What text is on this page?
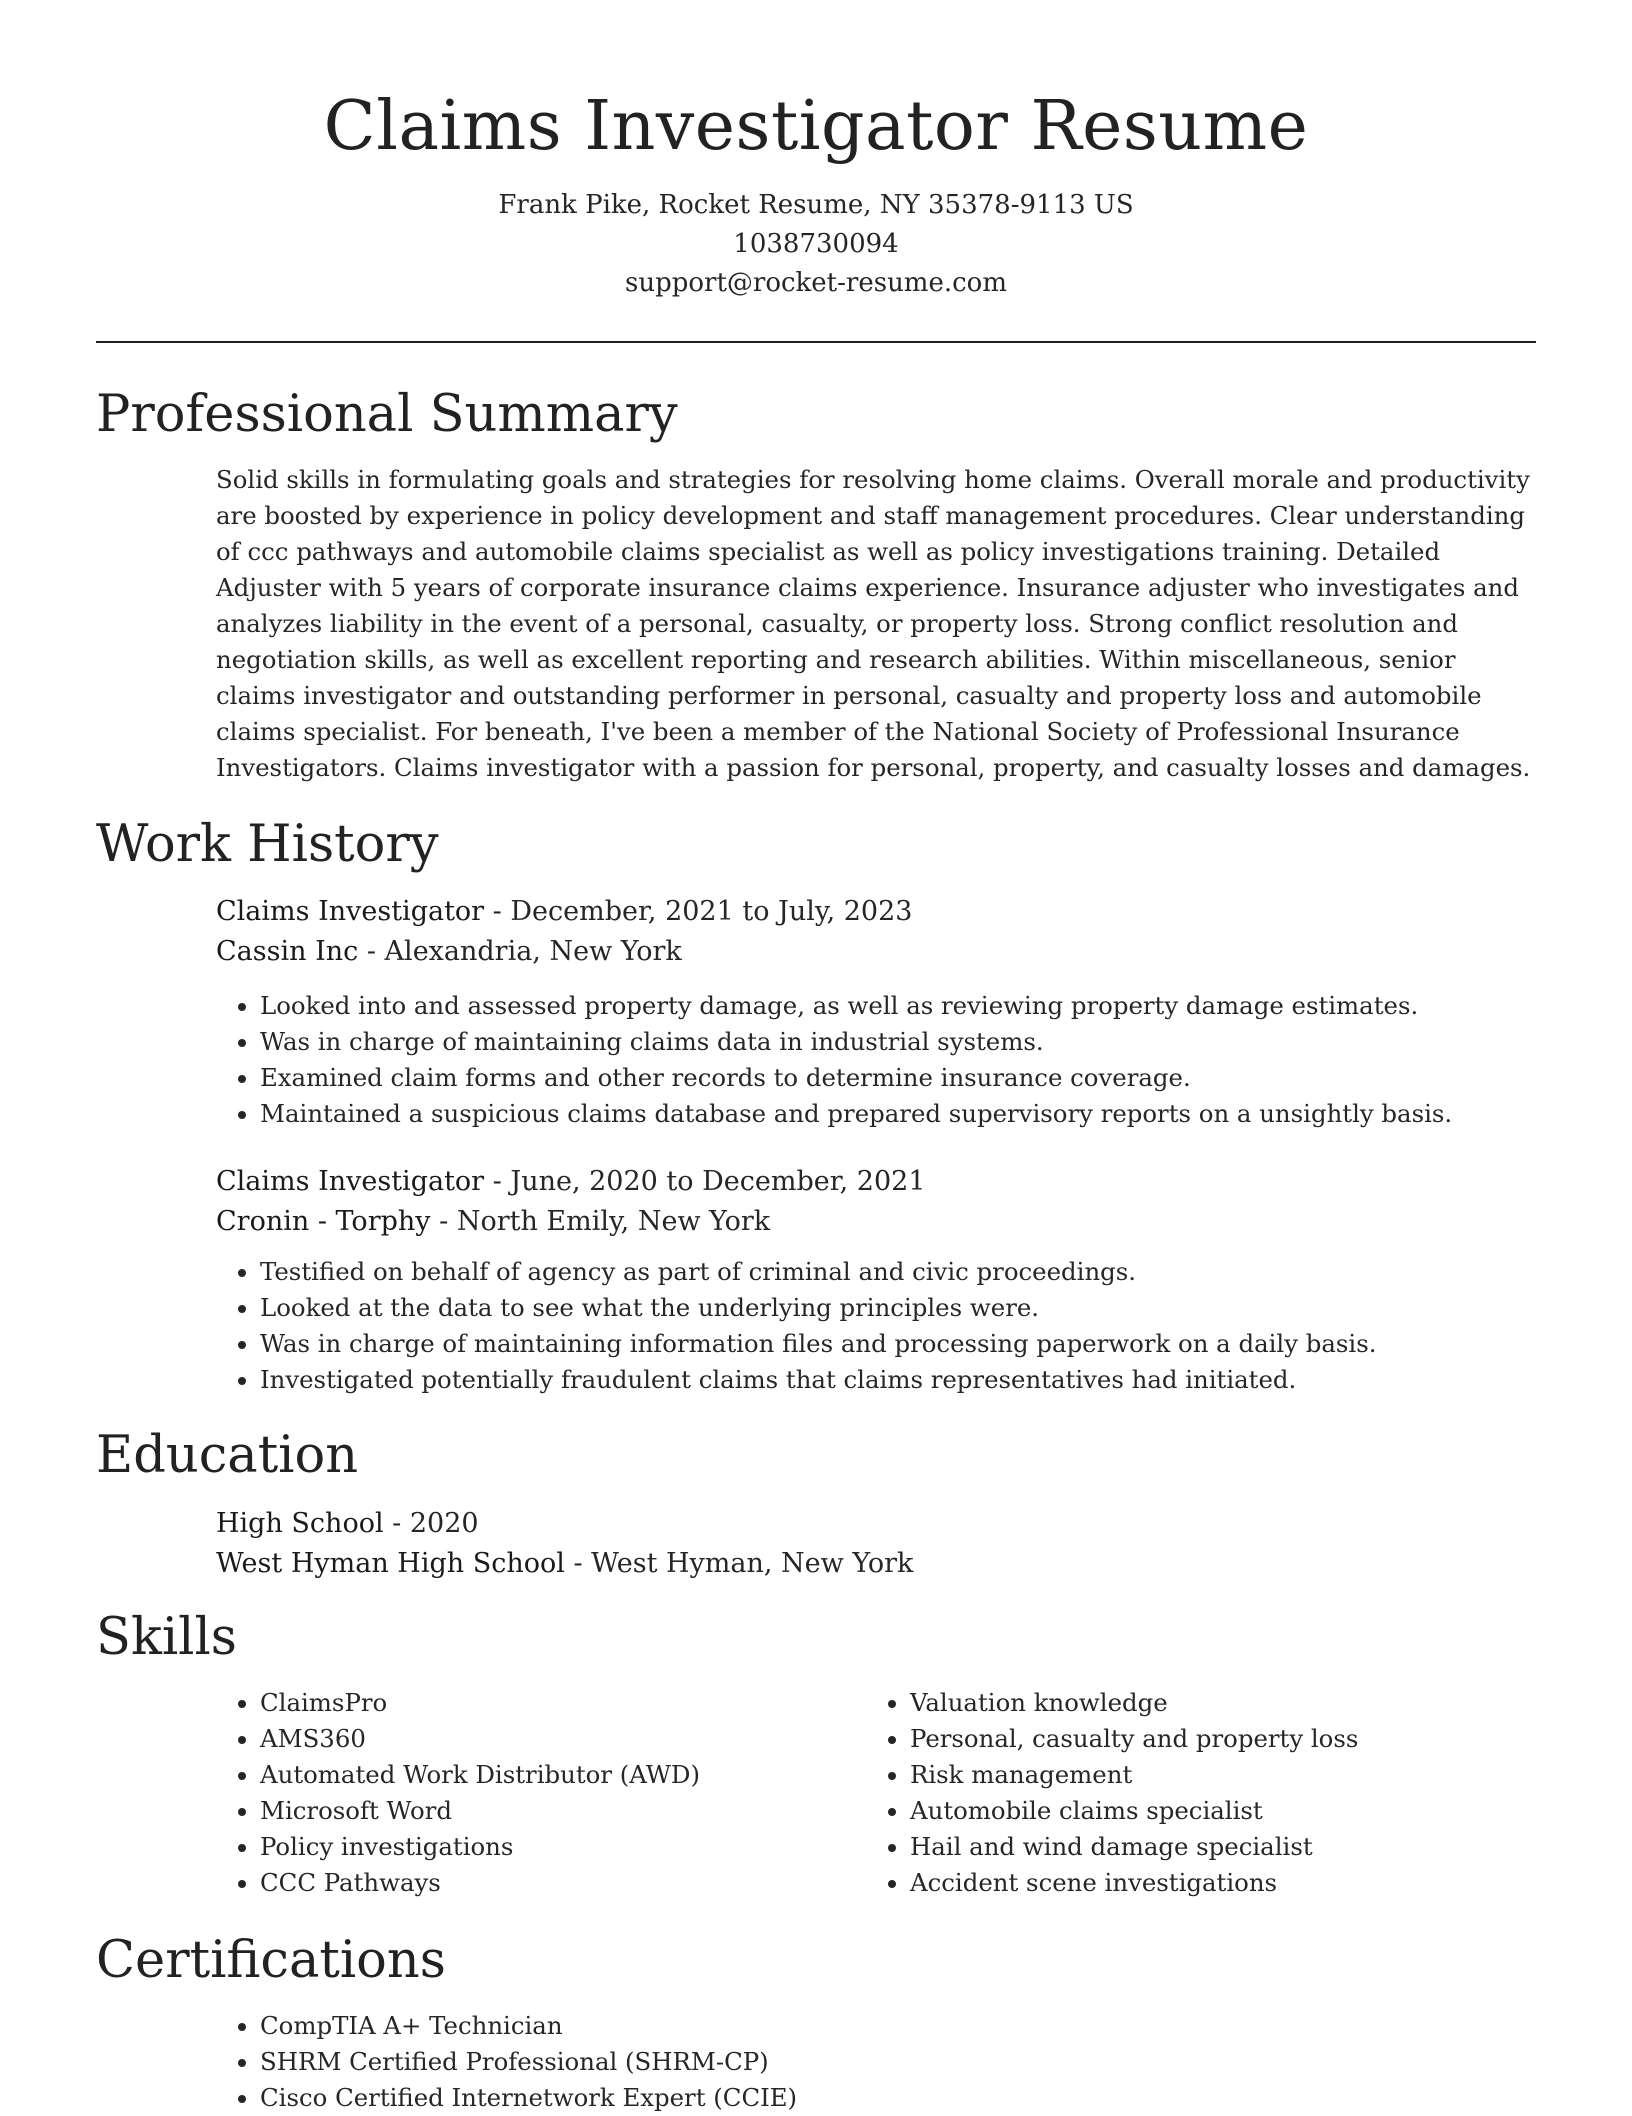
Claims Investigator Resume
Frank Pike, Rocket Resume, NY 35378-9113 US
1038730094
support@rocket-resume.com
Professional Summary

Solid skills in formulating goals and strategies for resolving home claims. Overall morale and productivity are boosted by experience in policy development and staff management procedures. Clear understanding of ccc pathways and automobile claims specialist as well as policy investigations training. Detailed Adjuster with 5 years of corporate insurance claims experience. Insurance adjuster who investigates and analyzes liability in the event of a personal, casualty, or property loss. Strong conflict resolution and negotiation skills, as well as excellent reporting and research abilities. Within miscellaneous, senior claims investigator and outstanding performer in personal, casualty and property loss and automobile claims specialist. For beneath, I've been a member of the National Society of Professional Insurance Investigators. Claims investigator with a passion for personal, property, and casualty losses and damages.

Work History
Claims Investigator - December, 2021 to July, 2023
Cassin Inc - Alexandria, New York
• Looked into and assessed property damage, as well as reviewing property damage estimates.
• Was in charge of maintaining claims data in industrial systems.
• Examined claim forms and other records to determine insurance coverage.
• Maintained a suspicious claims database and prepared supervisory reports on a unsightly basis.
Claims Investigator - June, 2020 to December, 2021
Cronin - Torphy - North Emily, New York
• Testified on behalf of agency as part of criminal and civic proceedings.
• Looked at the data to see what the underlying principles were.
• Was in charge of maintaining information files and processing paperwork on a daily basis.
• Investigated potentially fraudulent claims that claims representatives had initiated.
Education
High School - 2020
West Hyman High School - West Hyman, New York
Skills
• ClaimsPro
• AMS360
• Automated Work Distributor (AWD)
• Microsoft Word
• Policy investigations
• CCC Pathways
• Valuation knowledge
• Personal, casualty and property loss
• Risk management
• Automobile claims specialist
• Hail and wind damage specialist
• Accident scene investigations
Certifications
• CompTIA A+ Technician
• SHRM Certified Professional (SHRM-CP)
• Cisco Certified Internetwork Expert (CCIE)
